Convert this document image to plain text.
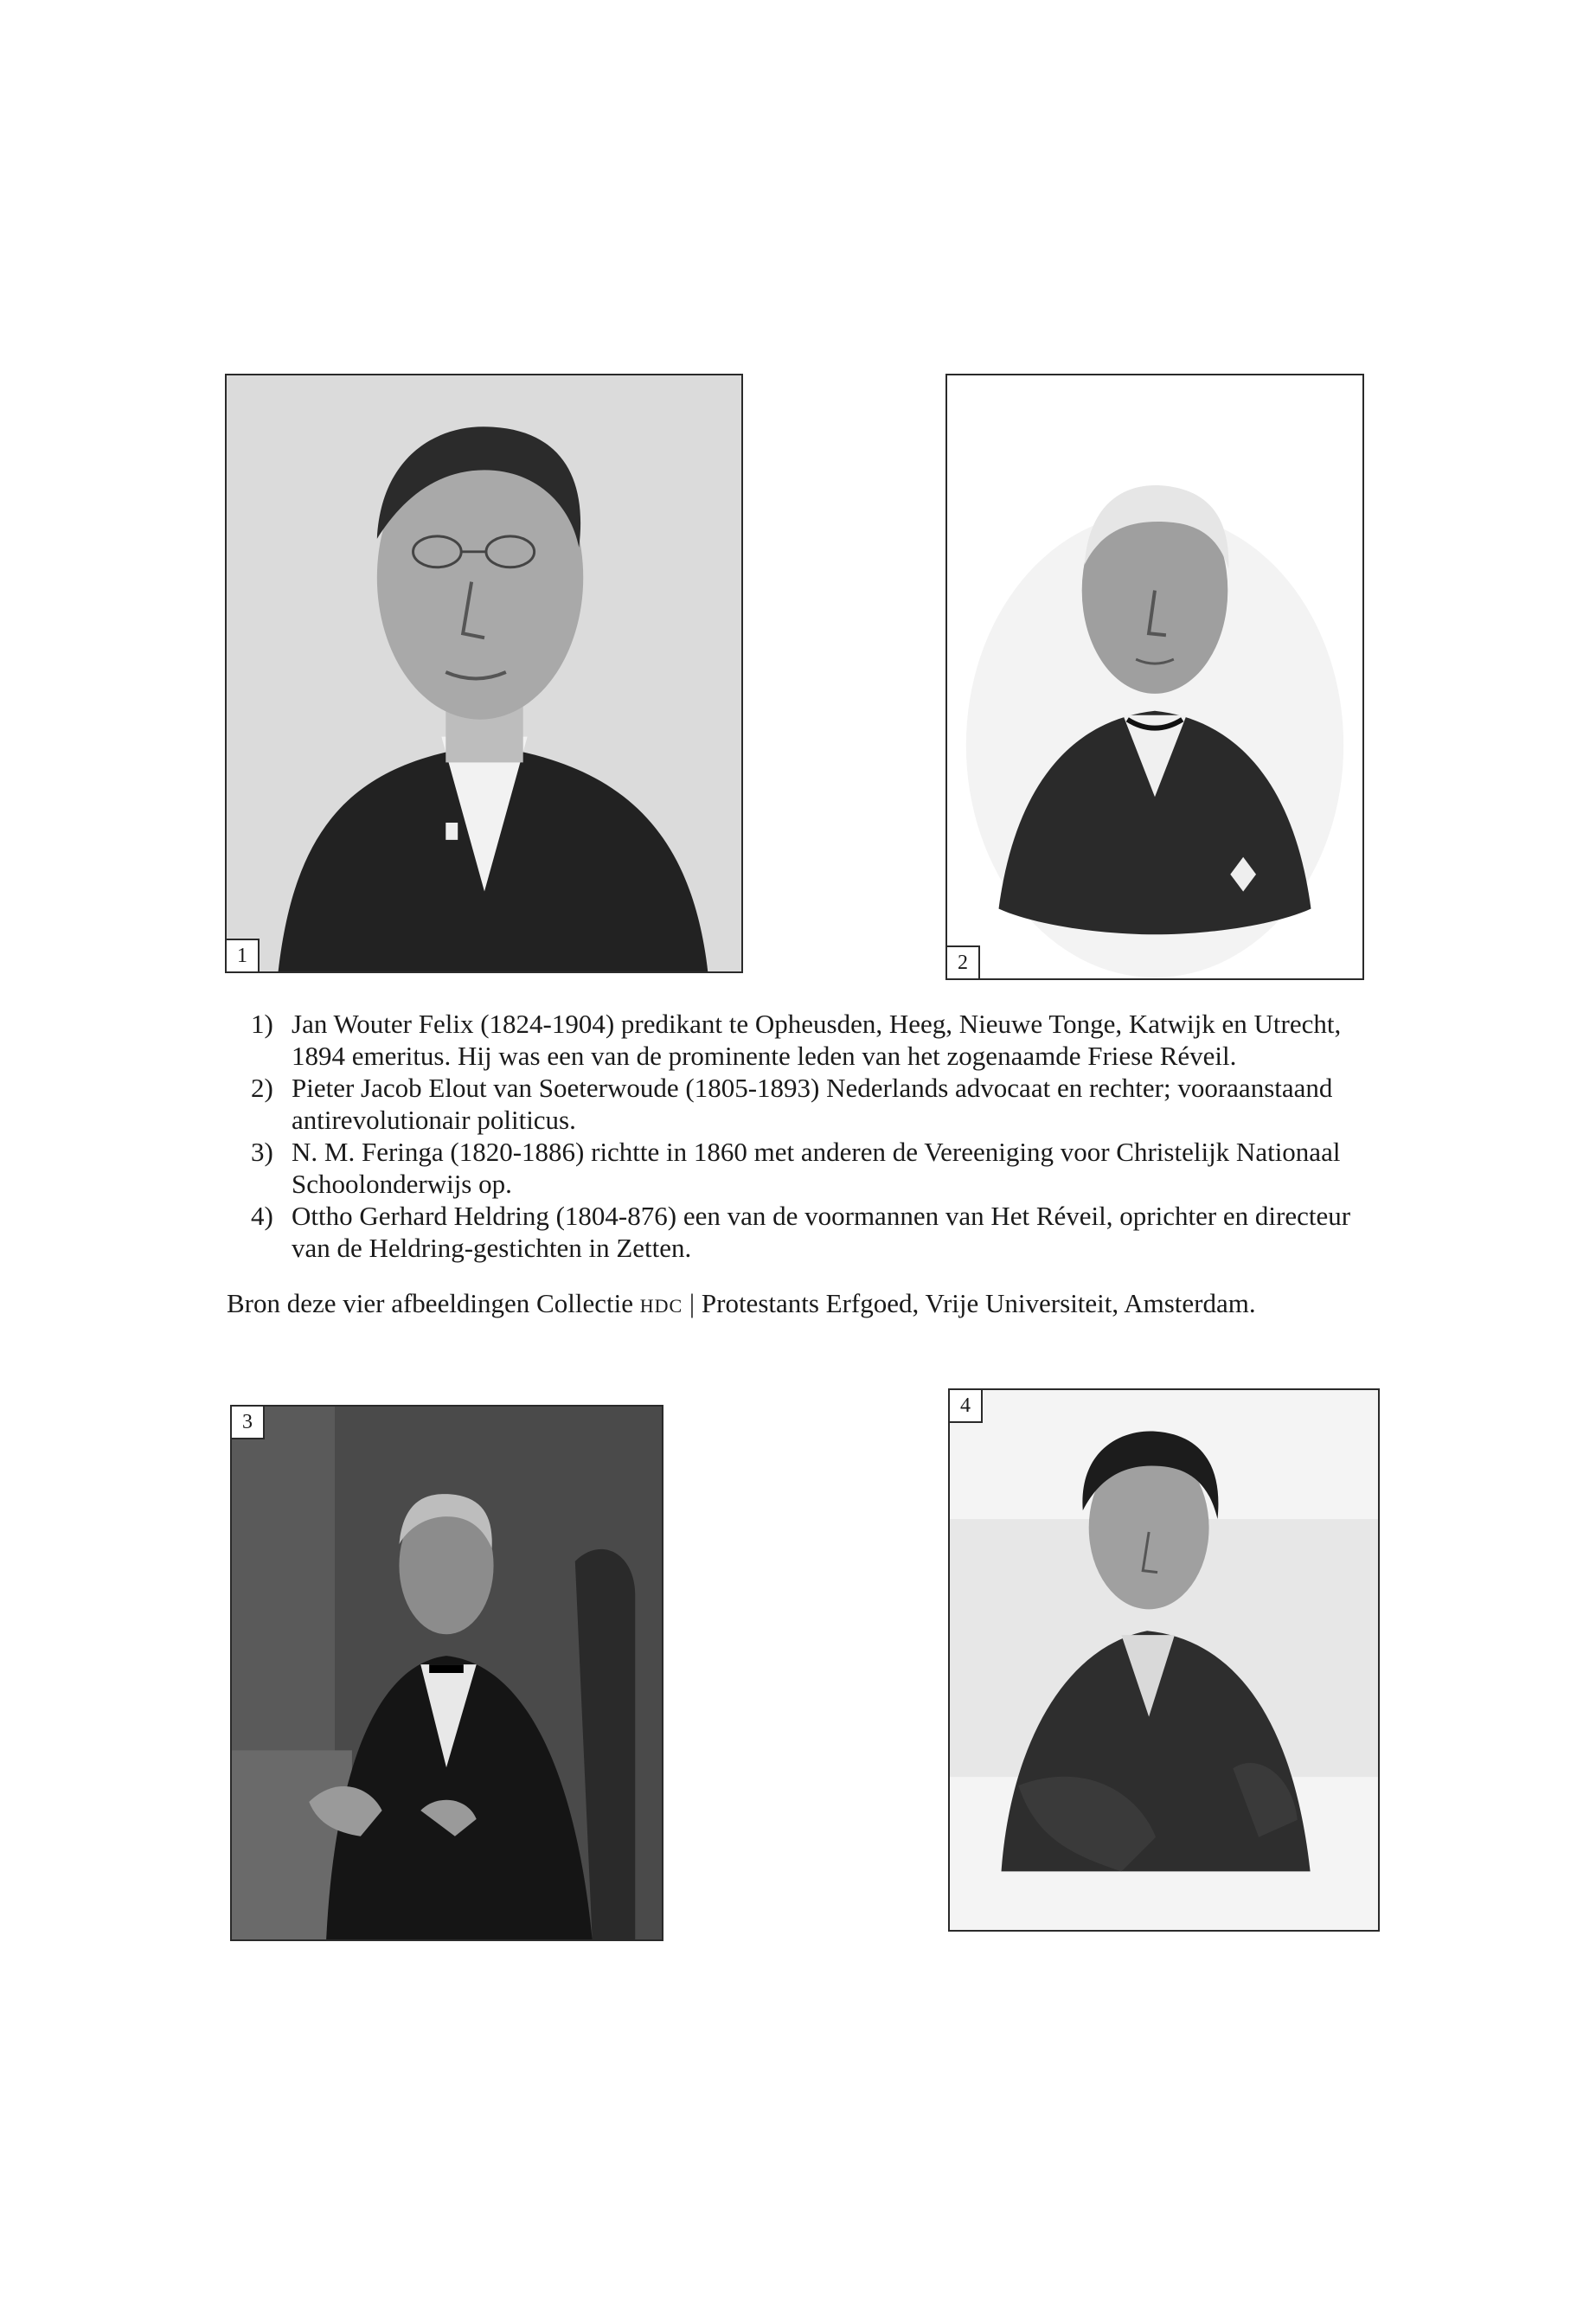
1	2
1) Jan Wouter Felix (1824-1904) predikant te Opheusden, Heeg, Nieuwe Tonge, Katwijk en Utrecht, 1894 emeritus. Hij was een van de prominente leden van het zogenaamde Friese Réveil.
2) Pieter Jacob Elout van Soeterwoude (1805-1893) Nederlands advocaat en rechter; vooraanstaand antirevolutionair politicus.
3) N. M. Feringa (1820-1886) richtte in 1860 met anderen de Vereeniging voor Christelijk Nationaal Schoolonderwijs op.
4) Ottho Gerhard Heldring (1804-876) een van de voormannen van Het Réveil, oprichter en directeur van de Heldring-gestichten in Zetten.
Bron deze vier afbeeldingen Collectie hdc | Protestants Erfgoed, Vrije Universiteit, Amsterdam.
3
4
